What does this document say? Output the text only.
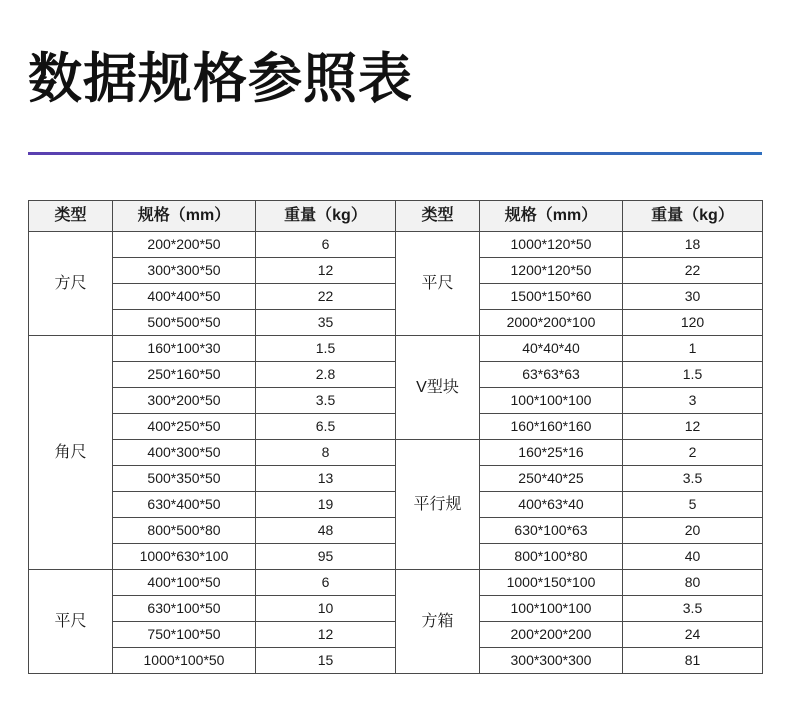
数据规格参照表
类型	规格（mm）	重量（kg）	类型	规格（mm）	重量（kg）
方尺	200*200*50	6	平尺	1000*120*50	18
	300*300*50	12		1200*120*50	22
	400*400*50	22		1500*150*60	30
	500*500*50	35		2000*200*100	120
角尺	160*100*30	1.5	V型块	40*40*40	1
	250*160*50	2.8		63*63*63	1.5
	300*200*50	3.5		100*100*100	3
	400*250*50	6.5		160*160*160	12
	400*300*50	8	平行规	160*25*16	2
	500*350*50	13		250*40*25	3.5
	630*400*50	19		400*63*40	5
	800*500*80	48		630*100*63	20
	1000*630*100	95		800*100*80	40
平尺	400*100*50	6	方箱	1000*150*100	80
	630*100*50	10		100*100*100	3.5
	750*100*50	12		200*200*200	24
	1000*100*50	15		300*300*300	81
